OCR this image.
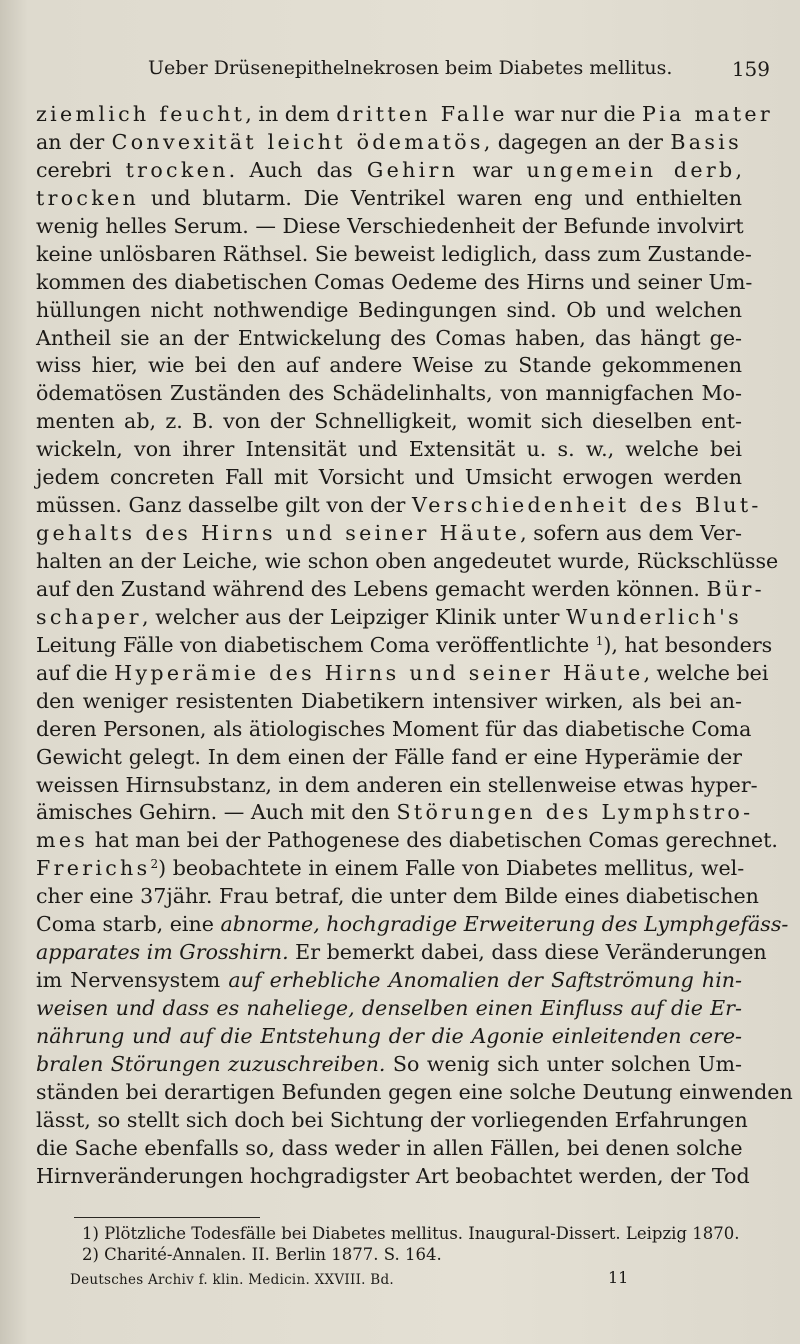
Ueber Drüsenepithelnekrosen beim Diabetes mellitus.	159
ziemlich feucht, in dem dritten Falle war nur die Pia mater
an der Convexität leicht ödematös, dagegen an der Basis
cerebri trocken. Auch das Gehirn war ungemein derb,
trocken und blutarm. Die Ventrikel waren eng und enthielten
wenig helles Serum. — Diese Verschiedenheit der Befunde involvirt
keine unlösbaren Räthsel. Sie beweist lediglich, dass zum Zustande-
kommen des diabetischen Comas Oedeme des Hirns und seiner Um-
hüllungen nicht nothwendige Bedingungen sind. Ob und welchen
Antheil sie an der Entwickelung des Comas haben, das hängt ge-
wiss hier, wie bei den auf andere Weise zu Stande gekommenen
ödematösen Zuständen des Schädelinhalts, von mannigfachen Mo-
menten ab, z. B. von der Schnelligkeit, womit sich dieselben ent-
wickeln, von ihrer Intensität und Extensität u. s. w., welche bei
jedem concreten Fall mit Vorsicht und Umsicht erwogen werden
müssen. Ganz dasselbe gilt von der Verschiedenheit des Blut-
gehalts des Hirns und seiner Häute, sofern aus dem Ver-
halten an der Leiche, wie schon oben angedeutet wurde, Rückschlüsse
auf den Zustand während des Lebens gemacht werden können. Bür-
schaper, welcher aus der Leipziger Klinik unter Wunderlich's
Leitung Fälle von diabetischem Coma veröffentlichte $^1$), hat besonders
auf die Hyperämie des Hirns und seiner Häute, welche bei
den weniger resistenten Diabetikern intensiver wirken, als bei an-
deren Personen, als ätiologisches Moment für das diabetische Coma
Gewicht gelegt. In dem einen der Fälle fand er eine Hyperämie der
weissen Hirnsubstanz, in dem anderen ein stellenweise etwas hyper-
ämisches Gehirn. — Auch mit den Störungen des Lymphstro-
mes hat man bei der Pathogenese des diabetischen Comas gerechnet.
Frerichs$^2$) beobachtete in einem Falle von Diabetes mellitus, wel-
cher eine 37jähr. Frau betraf, die unter dem Bilde eines diabetischen
Coma starb, eine abnorme, hochgradige Erweiterung des Lymphgefäss-
apparates im Grosshirn. Er bemerkt dabei, dass diese Veränderungen
im Nervensystem auf erhebliche Anomalien der Saftströmung hin-
weisen und dass es naheliege, denselben einen Einfluss auf die Er-
nährung und auf die Entstehung der die Agonie einleitenden cere-
bralen Störungen zuzuschreiben. So wenig sich unter solchen Um-
ständen bei derartigen Befunden gegen eine solche Deutung einwenden
lässt, so stellt sich doch bei Sichtung der vorliegenden Erfahrungen
die Sache ebenfalls so, dass weder in allen Fällen, bei denen solche
Hirnveränderungen hochgradigster Art beobachtet werden, der Tod
1) Plötzliche Todesfälle bei Diabetes mellitus. Inaugural-Dissert. Leipzig 1870.
2) Charité-Annalen. II. Berlin 1877. S. 164.
Deutsches Archiv f. klin. Medicin. XXVIII. Bd.	11
